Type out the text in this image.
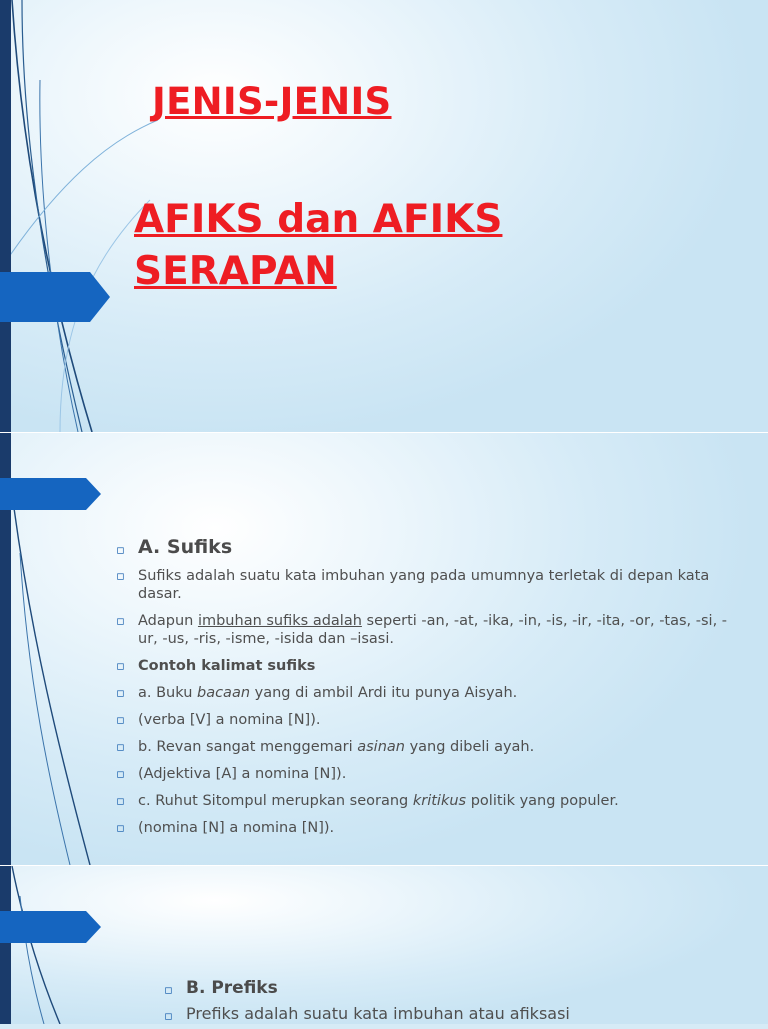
JENIS-JENIS
AFIKS dan AFIKS
SERAPAN
▫ A. Sufiks
▫ Sufiks adalah suatu kata imbuhan yang pada umumnya terletak di depan kata dasar.
▫ Adapun imbuhan sufiks adalah seperti -an, -at, -ika, -in, -is, -ir, -ita, -or, -tas, -si, -ur, -us, -ris, -isme, -isida dan –isasi.
▫ Contoh kalimat sufiks
▫ a. Buku bacaan yang di ambil Ardi itu punya Aisyah.
▫ (verba [V] a nomina [N]).
▫ b. Revan sangat menggemari asinan yang dibeli ayah.
▫ (Adjektiva [A] a nomina [N]).
▫ c. Ruhut Sitompul merupkan seorang kritikus politik yang populer.
▫ (nomina [N] a nomina [N]).
▫ B. Prefiks
▫ Prefiks adalah suatu kata imbuhan atau afiksasi
